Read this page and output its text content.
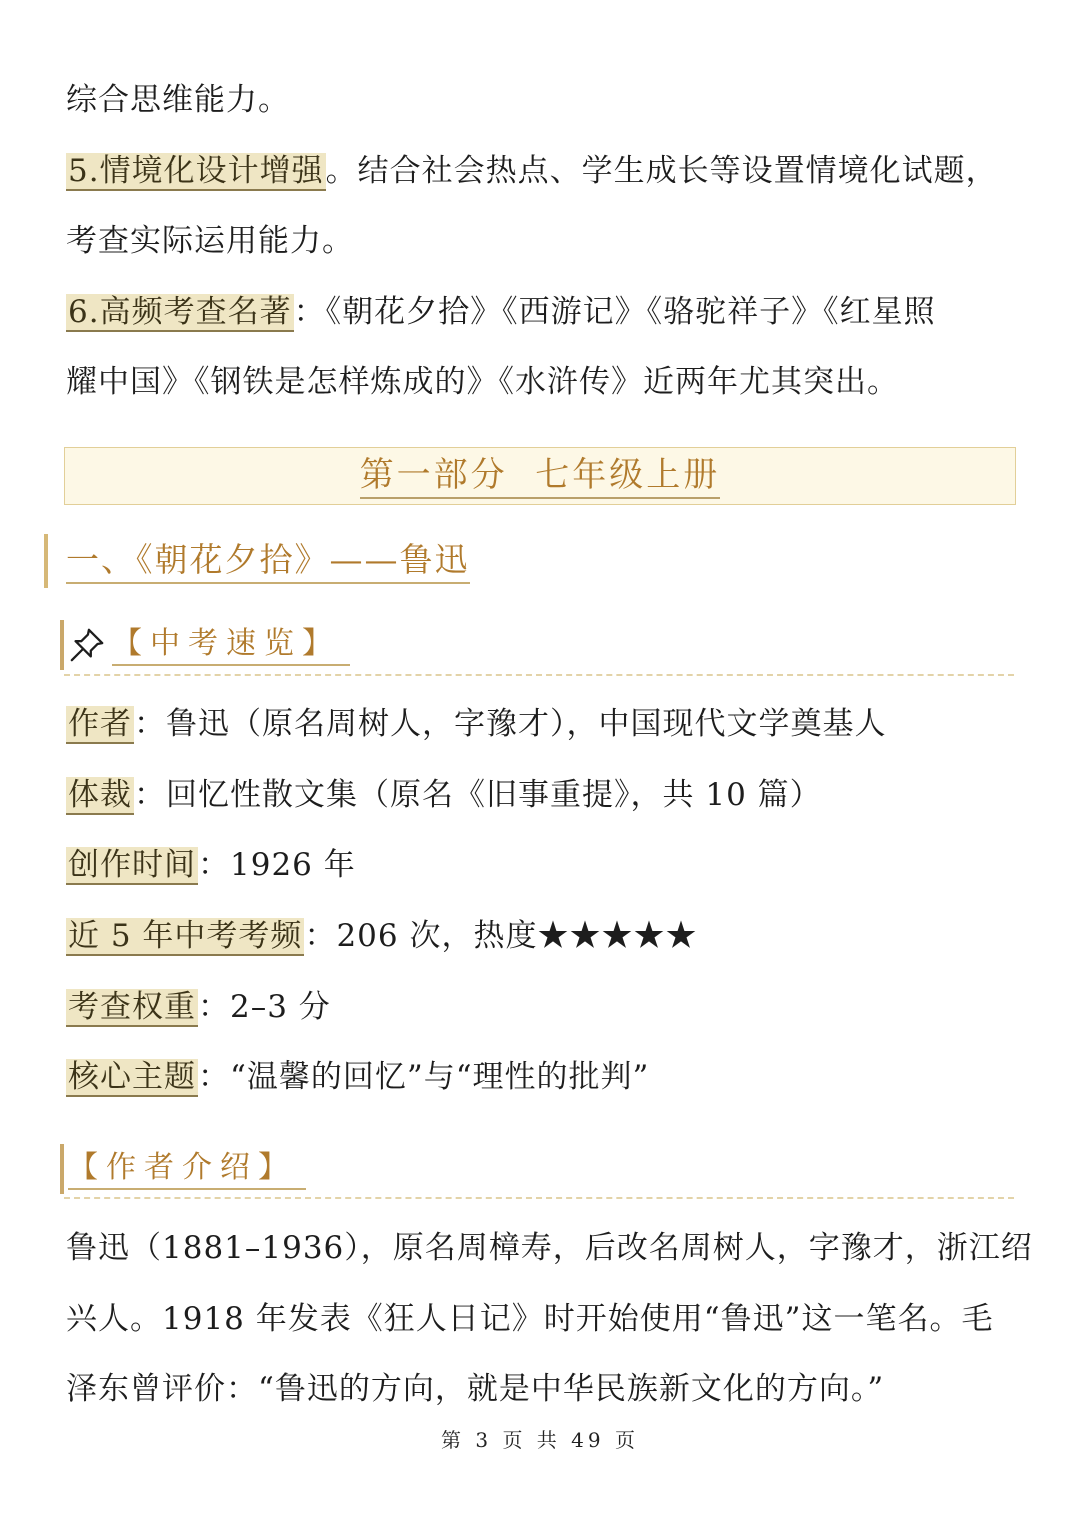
综合思维能力。
5.情境化设计增强。结合社会热点、学生成长等设置情境化试题，
考查实际运用能力。
6.高频考查名著：《朝花夕拾》《西游记》《骆驼祥子》《红星照
耀中国》《钢铁是怎样炼成的》《水浒传》近两年尤其突出。
第一部分  七年级上册
一、《朝花夕拾》——鲁迅
【中考速览】
作者：鲁迅（原名周树人，字豫才），中国现代文学奠基人
体裁：回忆性散文集（原名《旧事重提》，共 10 篇）
创作时间：1926 年
近 5 年中考考频：206 次，热度★★★★★
考查权重：2–3 分
核心主题：“温馨的回忆”与“理性的批判”
【作者介绍】
鲁迅（1881–1936），原名周樟寿，后改名周树人，字豫才，浙江绍
兴人。1918 年发表《狂人日记》时开始使用“鲁迅”这一笔名。毛
泽东曾评价：“鲁迅的方向，就是中华民族新文化的方向。”
第 3 页 共 49 页
